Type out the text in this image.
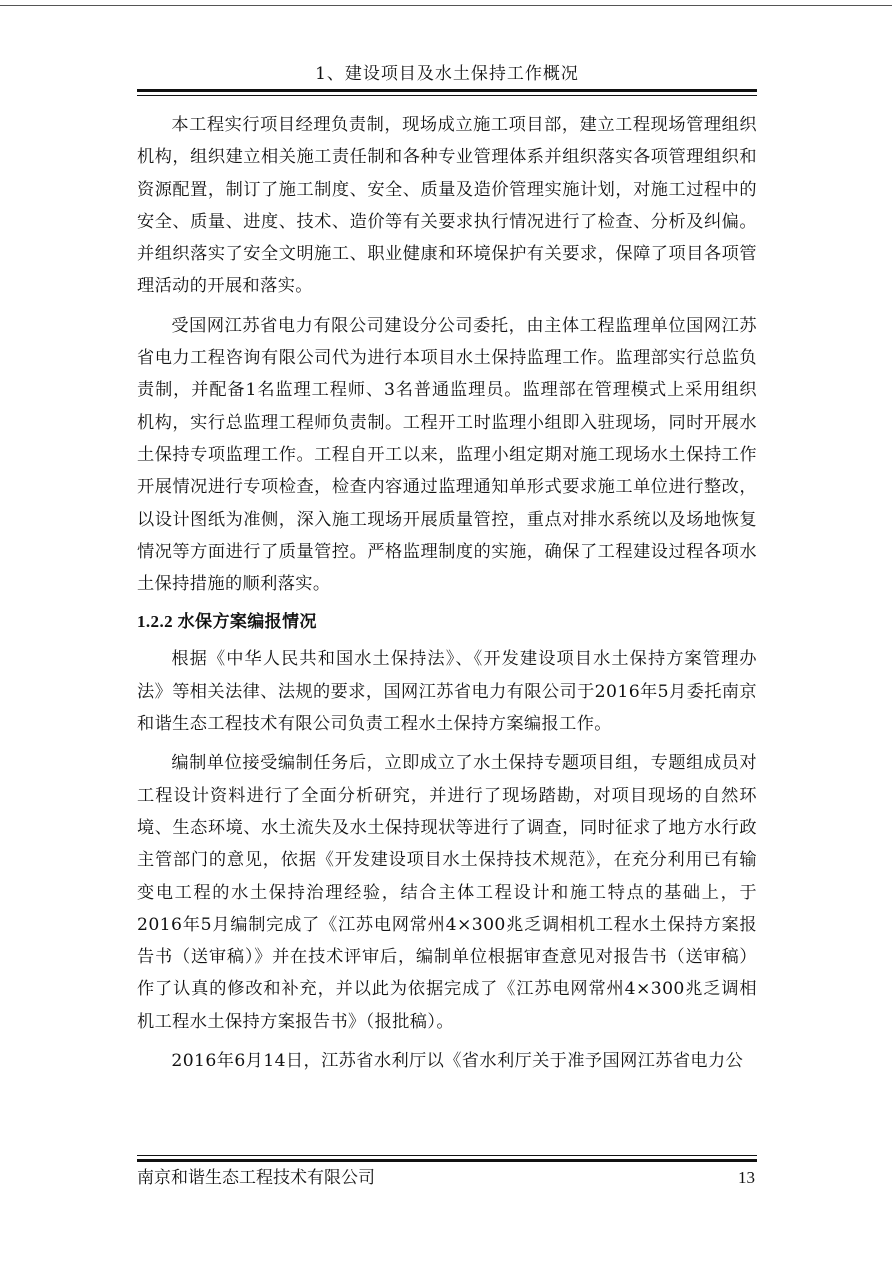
1、建设项目及水土保持工作概况

本工程实行项目经理负责制，现场成立施工项目部，建立工程现场管理组织机构，组织建立相关施工责任制和各种专业管理体系并组织落实各项管理组织和资源配置，制订了施工制度、安全、质量及造价管理实施计划，对施工过程中的安全、质量、进度、技术、造价等有关要求执行情况进行了检查、分析及纠偏。并组织落实了安全文明施工、职业健康和环境保护有关要求，保障了项目各项管理活动的开展和落实。

受国网江苏省电力有限公司建设分公司委托，由主体工程监理单位国网江苏省电力工程咨询有限公司代为进行本项目水土保持监理工作。监理部实行总监负责制，并配备1名监理工程师、3名普通监理员。监理部在管理模式上采用组织机构，实行总监理工程师负责制。工程开工时监理小组即入驻现场，同时开展水土保持专项监理工作。工程自开工以来，监理小组定期对施工现场水土保持工作开展情况进行专项检查，检查内容通过监理通知单形式要求施工单位进行整改，以设计图纸为准侧，深入施工现场开展质量管控，重点对排水系统以及场地恢复情况等方面进行了质量管控。严格监理制度的实施，确保了工程建设过程各项水土保持措施的顺利落实。

1.2.2 水保方案编报情况

根据《中华人民共和国水土保持法》、《开发建设项目水土保持方案管理办法》等相关法律、法规的要求，国网江苏省电力有限公司于2016年5月委托南京和谐生态工程技术有限公司负责工程水土保持方案编报工作。

编制单位接受编制任务后，立即成立了水土保持专题项目组，专题组成员对工程设计资料进行了全面分析研究，并进行了现场踏勘，对项目现场的自然环境、生态环境、水土流失及水土保持现状等进行了调查，同时征求了地方水行政主管部门的意见，依据《开发建设项目水土保持技术规范》，在充分利用已有输变电工程的水土保持治理经验，结合主体工程设计和施工特点的基础上，于2016年5月编制完成了《江苏电网常州4×300兆乏调相机工程水土保持方案报告书（送审稿）》并在技术评审后，编制单位根据审查意见对报告书（送审稿）作了认真的修改和补充，并以此为依据完成了《江苏电网常州4×300兆乏调相机工程水土保持方案报告书》（报批稿）。

2016年6月14日，江苏省水利厅以《省水利厅关于准予国网江苏省电力公

南京和谐生态工程技术有限公司	13
